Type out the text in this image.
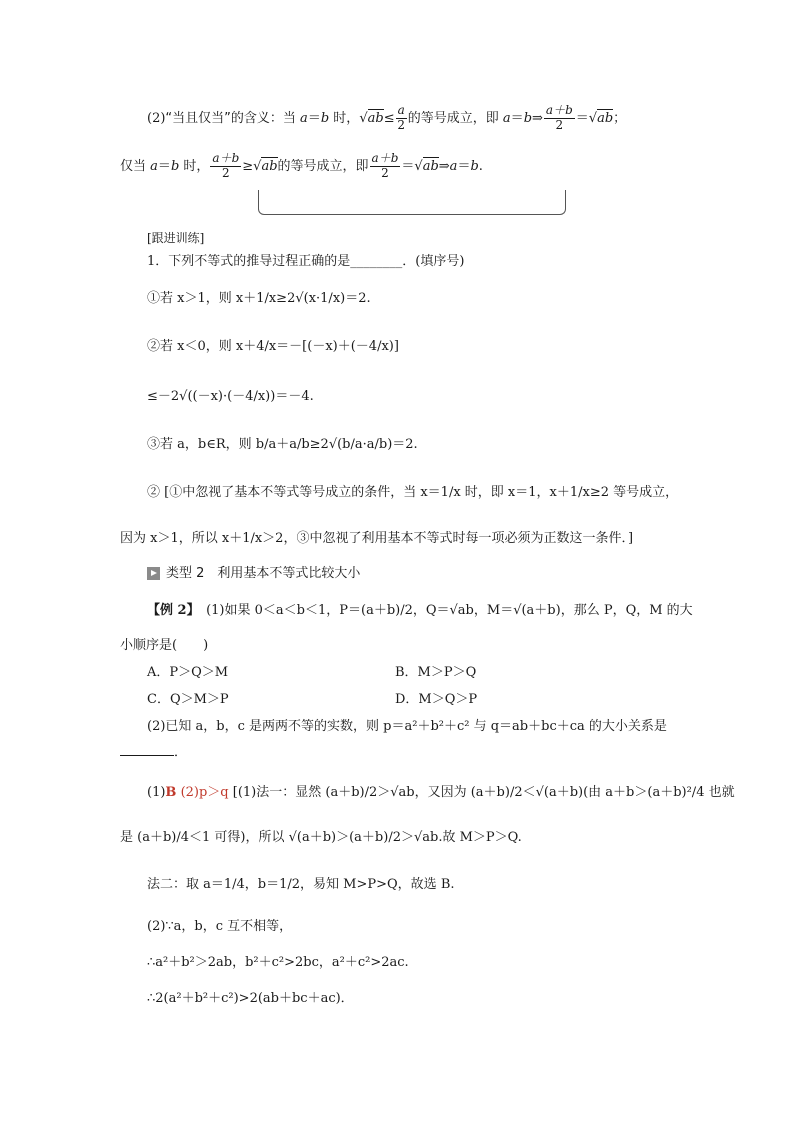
(2)“当且仅当”的含义：当 a＝b 时，$√ab\le \frac{a}{2}$ 的等号成立，即 a＝b⇒ $\frac{a+b}{2} =√ab$；
仅当 a＝b 时， $\frac{a+b}{2} \ge√ab$的等号成立，即 $\frac{a+b}{2}$ ＝√ab⇒a＝b.
[跟进训练]
1．下列不等式的推导过程正确的是________．(填序号)
①若 x＞1，则 x＋1/x≥2√(x·1/x)＝2.
②若 x＜0，则 x＋4/x＝－[(－x)＋(－4/x)]
≤－2√((－x)·(－4/x))＝－4.
③若 a，b∈R，则 b/a＋a/b≥2√(b/a·a/b)＝2.
② [①中忽视了基本不等式等号成立的条件，当 x＝1/x 时，即 x＝1，x＋1/x≥2 等号成立，
因为 x＞1，所以 x＋1/x＞2，③中忽视了利用基本不等式时每一项必须为正数这一条件．]
类型 2　 利用基本不等式比较大小
【例 2】　 (1)如果 0＜a＜b＜1，P＝(a＋b)/2，Q＝√ab，M＝√(a＋b)，那么 P，Q，M 的大
小顺序是(　　)
A．P＞Q＞M	B．M＞P＞Q
C．Q＞M＞P	D．M＞Q＞P
(2)已知 a，b，c 是两两不等的实数，则 p＝a²＋b²＋c² 与 q＝ab＋bc＋ca 的大小关系是
．
(1)B (2)p＞q [(1)法一：显然 (a＋b)/2＞√ab，又因为 (a＋b)/2＜√(a＋b)(由 a＋b＞(a＋b)²/4 也就
是 (a＋b)/4＜1 可得)，所以 √(a＋b)＞(a＋b)/2＞√ab.故 M＞P＞Q.
法二：取 a＝1/4，b＝1/2，易知 M>P>Q，故选 B.
(2)∵a，b，c 互不相等，
∴a²＋b²＞2ab，b²＋c²>2bc，a²＋c²>2ac.
∴2(a²＋b²＋c²)>2(ab＋bc＋ac)．
